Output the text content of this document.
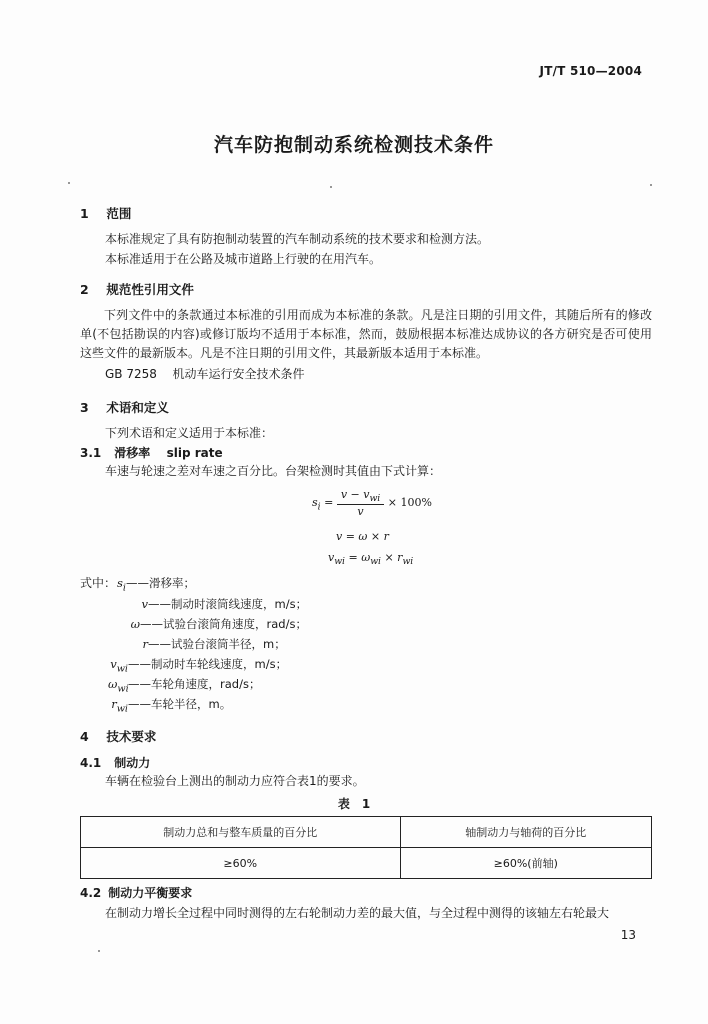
JT/T 510—2004
汽车防抱制动系统检测技术条件
1 范围
本标准规定了具有防抱制动装置的汽车制动系统的技术要求和检测方法。
本标准适用于在公路及城市道路上行驶的在用汽车。
2 规范性引用文件
下列文件中的条款通过本标准的引用而成为本标准的条款。凡是注日期的引用文件，其随后所有的修改单(不包括勘误的内容)或修订版均不适用于本标准，然而，鼓励根据本标准达成协议的各方研究是否可使用这些文件的最新版本。凡是不注日期的引用文件，其最新版本适用于本标准。
GB 7258 机动车运行安全技术条件
3 术语和定义
下列术语和定义适用于本标准：
3.1 滑移率 slip rate
车速与轮速之差对车速之百分比。台架检测时其值由下式计算：
$s_i = \frac{v - v_{wi}}{v} \times 100\%$
v = ω × r
$v_{wi} = \omega_{wi} \times r_{wi}$
式中： $s_i——$滑移率；
v——制动时滚筒线速度，m/s；
ω——试验台滚筒角速度，rad/s；
r——试验台滚筒半径，m；
$v_{wi}——$制动时车轮线速度，m/s；
$\omega_{wi}——$车轮角速度，rad/s；
$r_{wi}——$车轮半径，m。
4 技术要求
4.1 制动力
车辆在检验台上测出的制动力应符合表1的要求。
表　1
制动力总和与整车质量的百分比	轴制动力与轴荷的百分比
≥60%	≥60%(前轴)
4.2 制动力平衡要求
在制动力增长全过程中同时测得的左右轮制动力差的最大值，与全过程中测得的该轴左右轮最大
13
